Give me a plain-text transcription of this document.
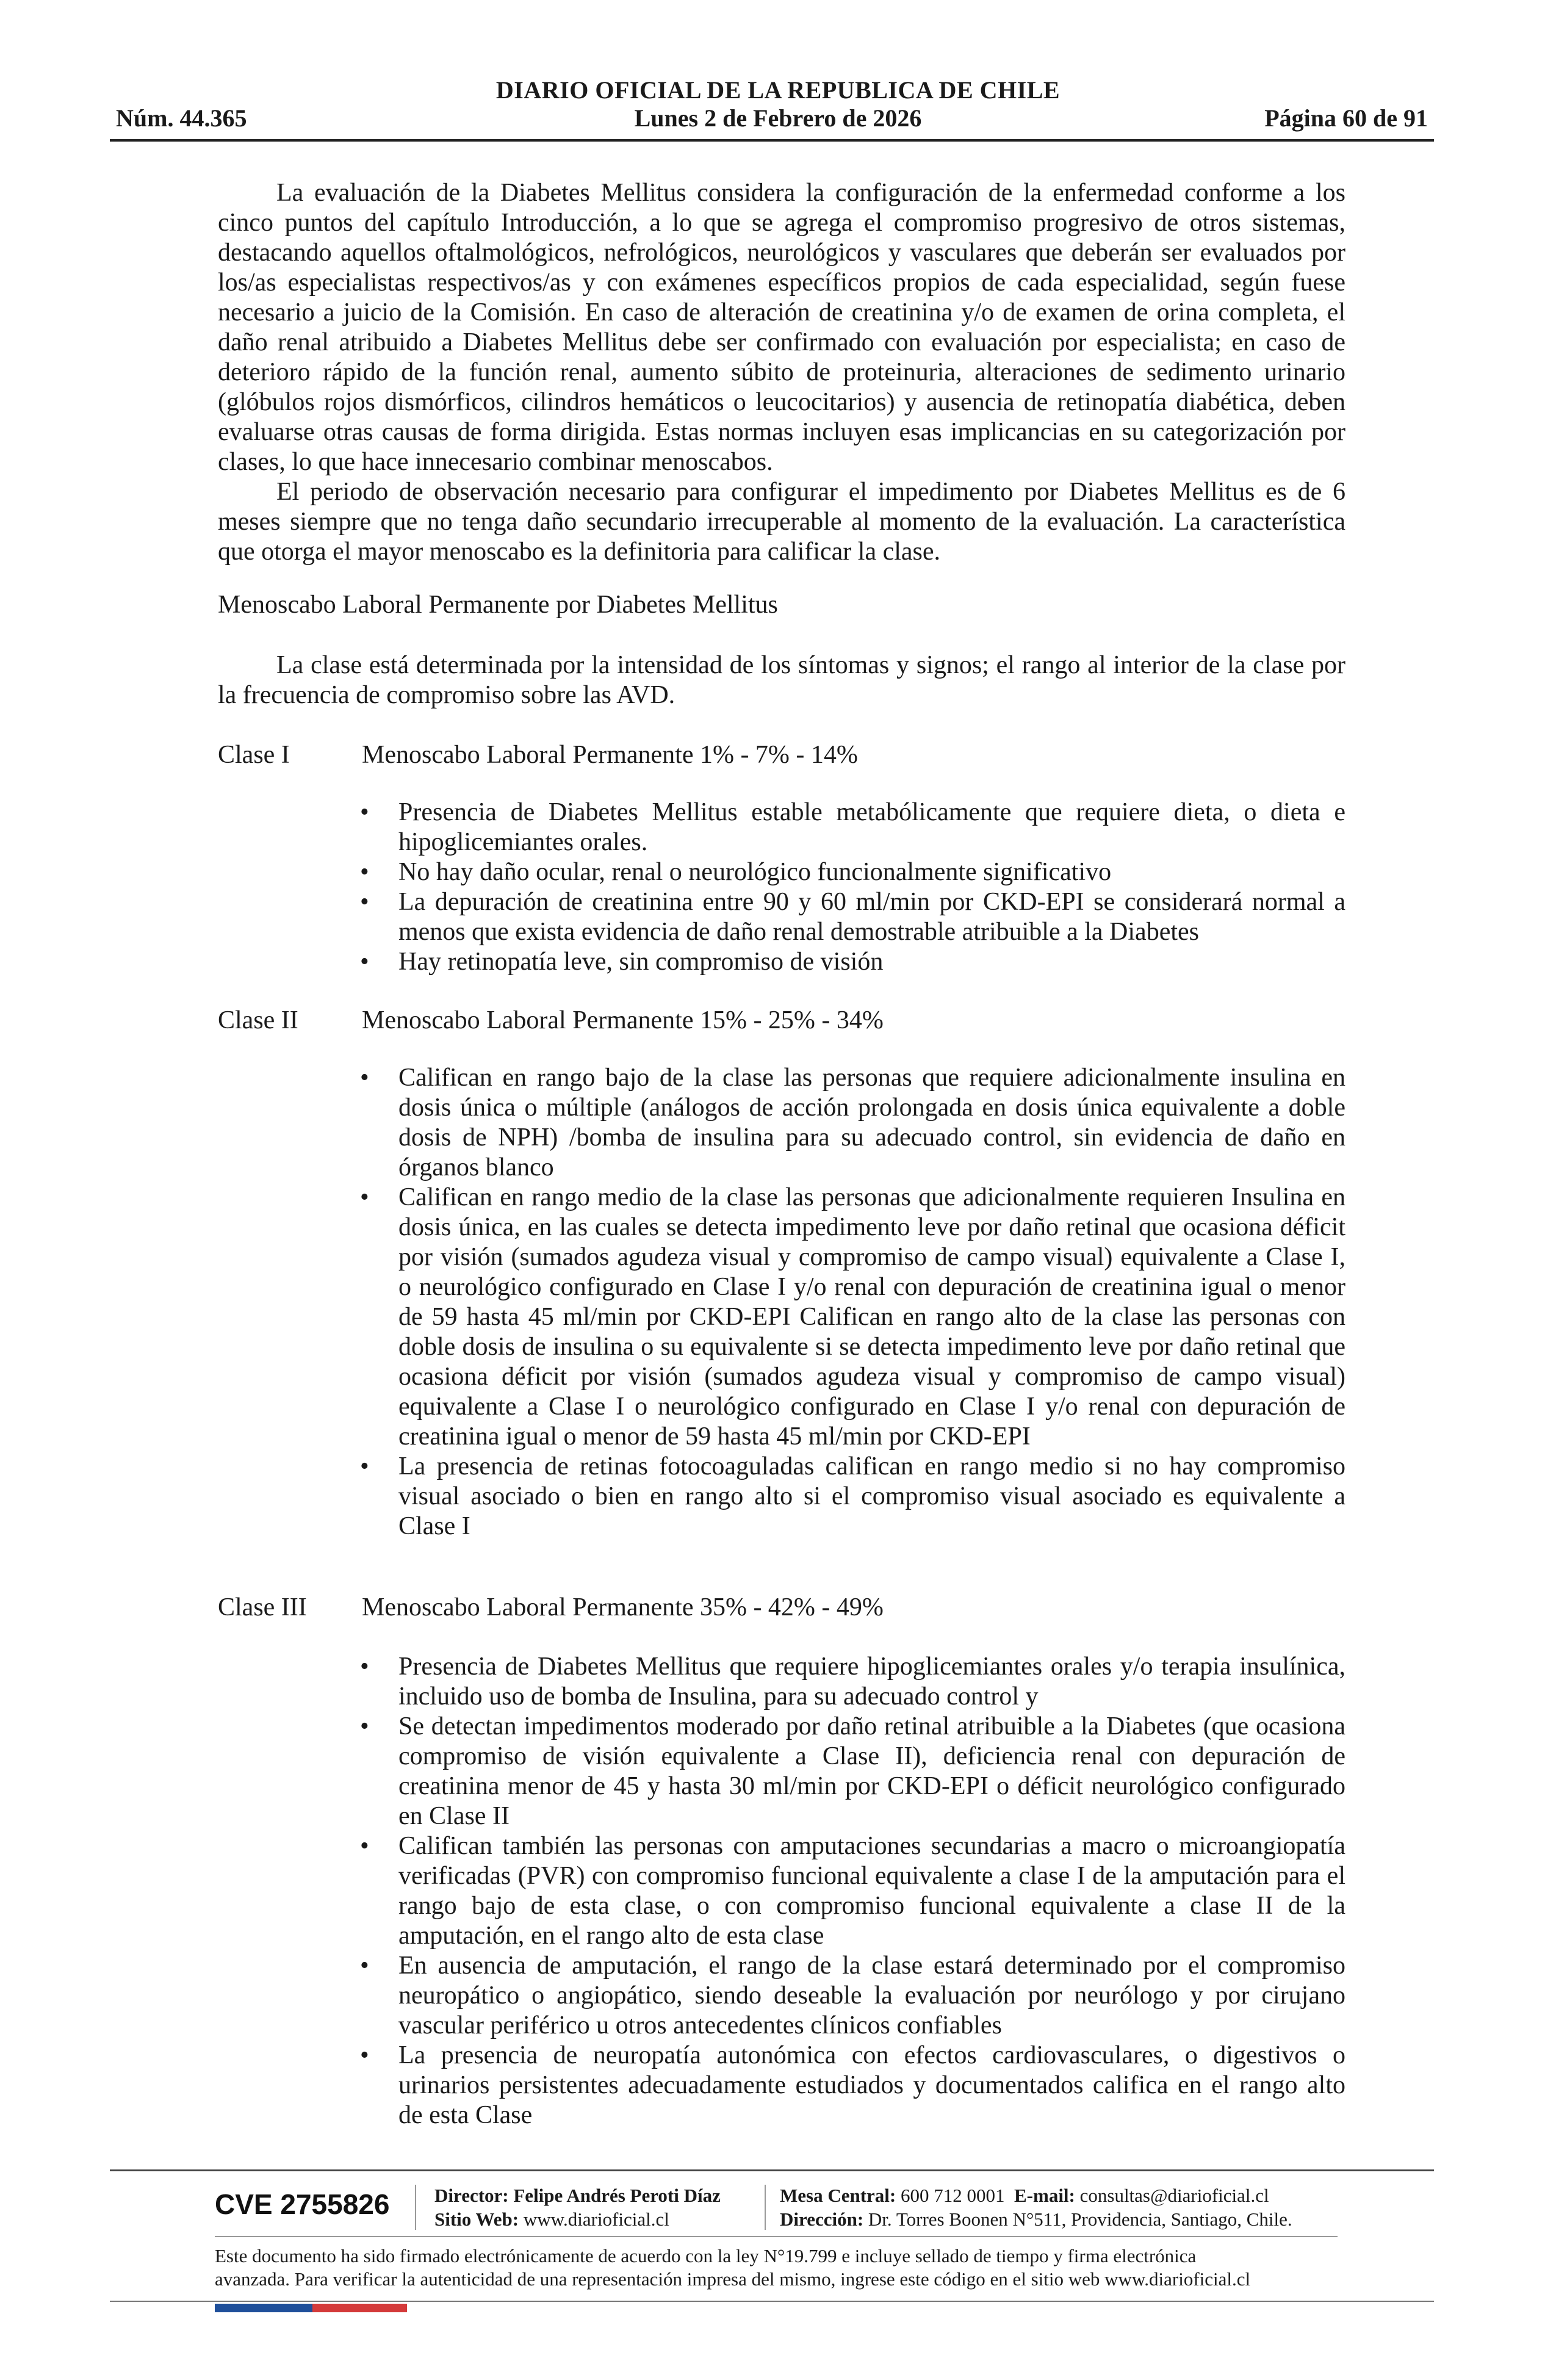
DIARIO OFICIAL DE LA REPUBLICA DE CHILE
Núm. 44.365	Lunes 2 de Febrero de 2026	Página 60 de 91

La evaluación de la Diabetes Mellitus considera la configuración de la enfermedad conforme a los cinco puntos del capítulo Introducción, a lo que se agrega el compromiso progresivo de otros sistemas, destacando aquellos oftalmológicos, nefrológicos, neurológicos y vasculares que deberán ser evaluados por los/as especialistas respectivos/as y con exámenes específicos propios de cada especialidad, según fuese necesario a juicio de la Comisión. En caso de alteración de creatinina y/o de examen de orina completa, el daño renal atribuido a Diabetes Mellitus debe ser confirmado con evaluación por especialista; en caso de deterioro rápido de la función renal, aumento súbito de proteinuria, alteraciones de sedimento urinario (glóbulos rojos dismórficos, cilindros hemáticos o leucocitarios) y ausencia de retinopatía diabética, deben evaluarse otras causas de forma dirigida. Estas normas incluyen esas implicancias en su categorización por clases, lo que hace innecesario combinar menoscabos.

El periodo de observación necesario para configurar el impedimento por Diabetes Mellitus es de 6 meses siempre que no tenga daño secundario irrecuperable al momento de la evaluación. La característica que otorga el mayor menoscabo es la definitoria para calificar la clase.

Menoscabo Laboral Permanente por Diabetes Mellitus

La clase está determinada por la intensidad de los síntomas y signos; el rango al interior de la clase por la frecuencia de compromiso sobre las AVD.

Clase I	Menoscabo Laboral Permanente 1% - 7% - 14%
• Presencia de Diabetes Mellitus estable metabólicamente que requiere dieta, o dieta e hipoglicemiantes orales.
• No hay daño ocular, renal o neurológico funcionalmente significativo
• La depuración de creatinina entre 90 y 60 ml/min por CKD-EPI se considerará normal a menos que exista evidencia de daño renal demostrable atribuible a la Diabetes
• Hay retinopatía leve, sin compromiso de visión
Clase II Menoscabo Laboral Permanente 15% - 25% - 34%
• Califican en rango bajo de la clase las personas que requiere adicionalmente insulina en dosis única o múltiple (análogos de acción prolongada en dosis única equivalente a doble dosis de NPH) /bomba de insulina para su adecuado control, sin evidencia de daño en órganos blanco
• Califican en rango medio de la clase las personas que adicionalmente requieren Insulina en dosis única, en las cuales se detecta impedimento leve por daño retinal que ocasiona déficit por visión (sumados agudeza visual y compromiso de campo visual) equivalente a Clase I, o neurológico configurado en Clase I y/o renal con depuración de creatinina igual o menor de 59 hasta 45 ml/min por CKD-EPI Califican en rango alto de la clase las personas con doble dosis de insulina o su equivalente si se detecta impedimento leve por daño retinal que ocasiona déficit por visión (sumados agudeza visual y compromiso de campo visual) equivalente a Clase I o neurológico configurado en Clase I y/o renal con depuración de creatinina igual o menor de 59 hasta 45 ml/min por CKD-EPI
• La presencia de retinas fotocoaguladas califican en rango medio si no hay compromiso visual asociado o bien en rango alto si el compromiso visual asociado es equivalente a Clase I
Clase III Menoscabo Laboral Permanente 35% - 42% - 49%
• Presencia de Diabetes Mellitus que requiere hipoglicemiantes orales y/o terapia insulínica, incluido uso de bomba de Insulina, para su adecuado control y
• Se detectan impedimentos moderado por daño retinal atribuible a la Diabetes (que ocasiona compromiso de visión equivalente a Clase II), deficiencia renal con depuración de creatinina menor de 45 y hasta 30 ml/min por CKD-EPI o déficit neurológico configurado en Clase II
• Califican también las personas con amputaciones secundarias a macro o microangiopatía verificadas (PVR) con compromiso funcional equivalente a clase I de la amputación para el rango bajo de esta clase, o con compromiso funcional equivalente a clase II de la amputación, en el rango alto de esta clase
• En ausencia de amputación, el rango de la clase estará determinado por el compromiso neuropático o angiopático, siendo deseable la evaluación por neurólogo y por cirujano vascular periférico u otros antecedentes clínicos confiables
• La presencia de neuropatía autonómica con efectos cardiovasculares, o digestivos o urinarios persistentes adecuadamente estudiados y documentados califica en el rango alto de esta Clase
CVE 2755826 Director: Felipe Andrés Peroti Díaz
Sitio Web: www.diarioficial.cl
Mesa Central: 600 712 0001 E-mail: consultas@diarioficial.cl
Dirección: Dr. Torres Boonen N°511, Providencia, Santiago, Chile.
Este documento ha sido firmado electrónicamente de acuerdo con la ley N°19.799 e incluye sellado de tiempo y firma electrónica
avanzada. Para verificar la autenticidad de una representación impresa del mismo, ingrese este código en el sitio web www.diarioficial.cl
